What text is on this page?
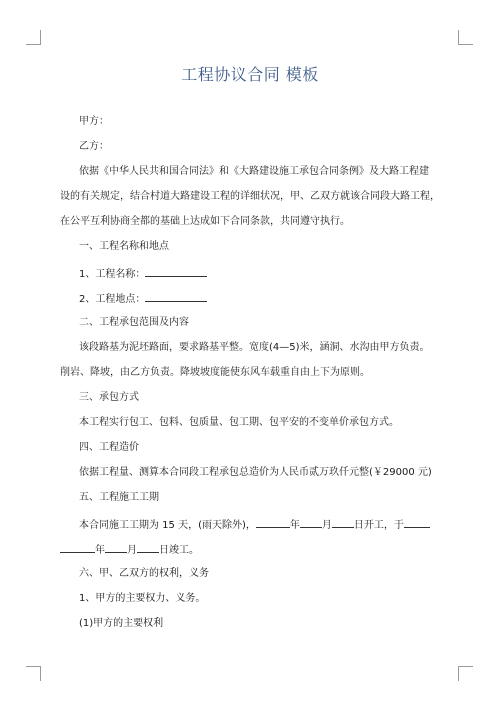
工程协议合同 模板
甲方：
乙方：
依据《中华人民共和国合同法》和《大路建设施工承包合同条例》及大路工程建
设的有关规定，结合村道大路建设工程的详细状况，甲、乙双方就该合同段大路工程，
在公平互利协商全都的基础上达成如下合同条款，共同遵守执行。
一、工程名称和地点
1、工程名称：
2、工程地点：
二、工程承包范围及内容
该段路基为泥坯路面，要求路基平整。宽度(4—5)米，涵洞、水沟由甲方负责。
削岩、降坡，由乙方负责。降坡坡度能使东风车载重自由上下为原则。
三、承包方式
本工程实行包工、包料、包质量、包工期、包平安的不变单价承包方式。
四、工程造价
依据工程量、测算本合同段工程承包总造价为人民币贰万玖仟元整(￥29000 元)
五、工程施工工期
本合同施工工期为 15 天，(雨天除外)，	年 月 日开工，于
年 月 日竣工。
六、甲、乙双方的权利，义务
1、甲方的主要权力、义务。
(1)甲方的主要权利
